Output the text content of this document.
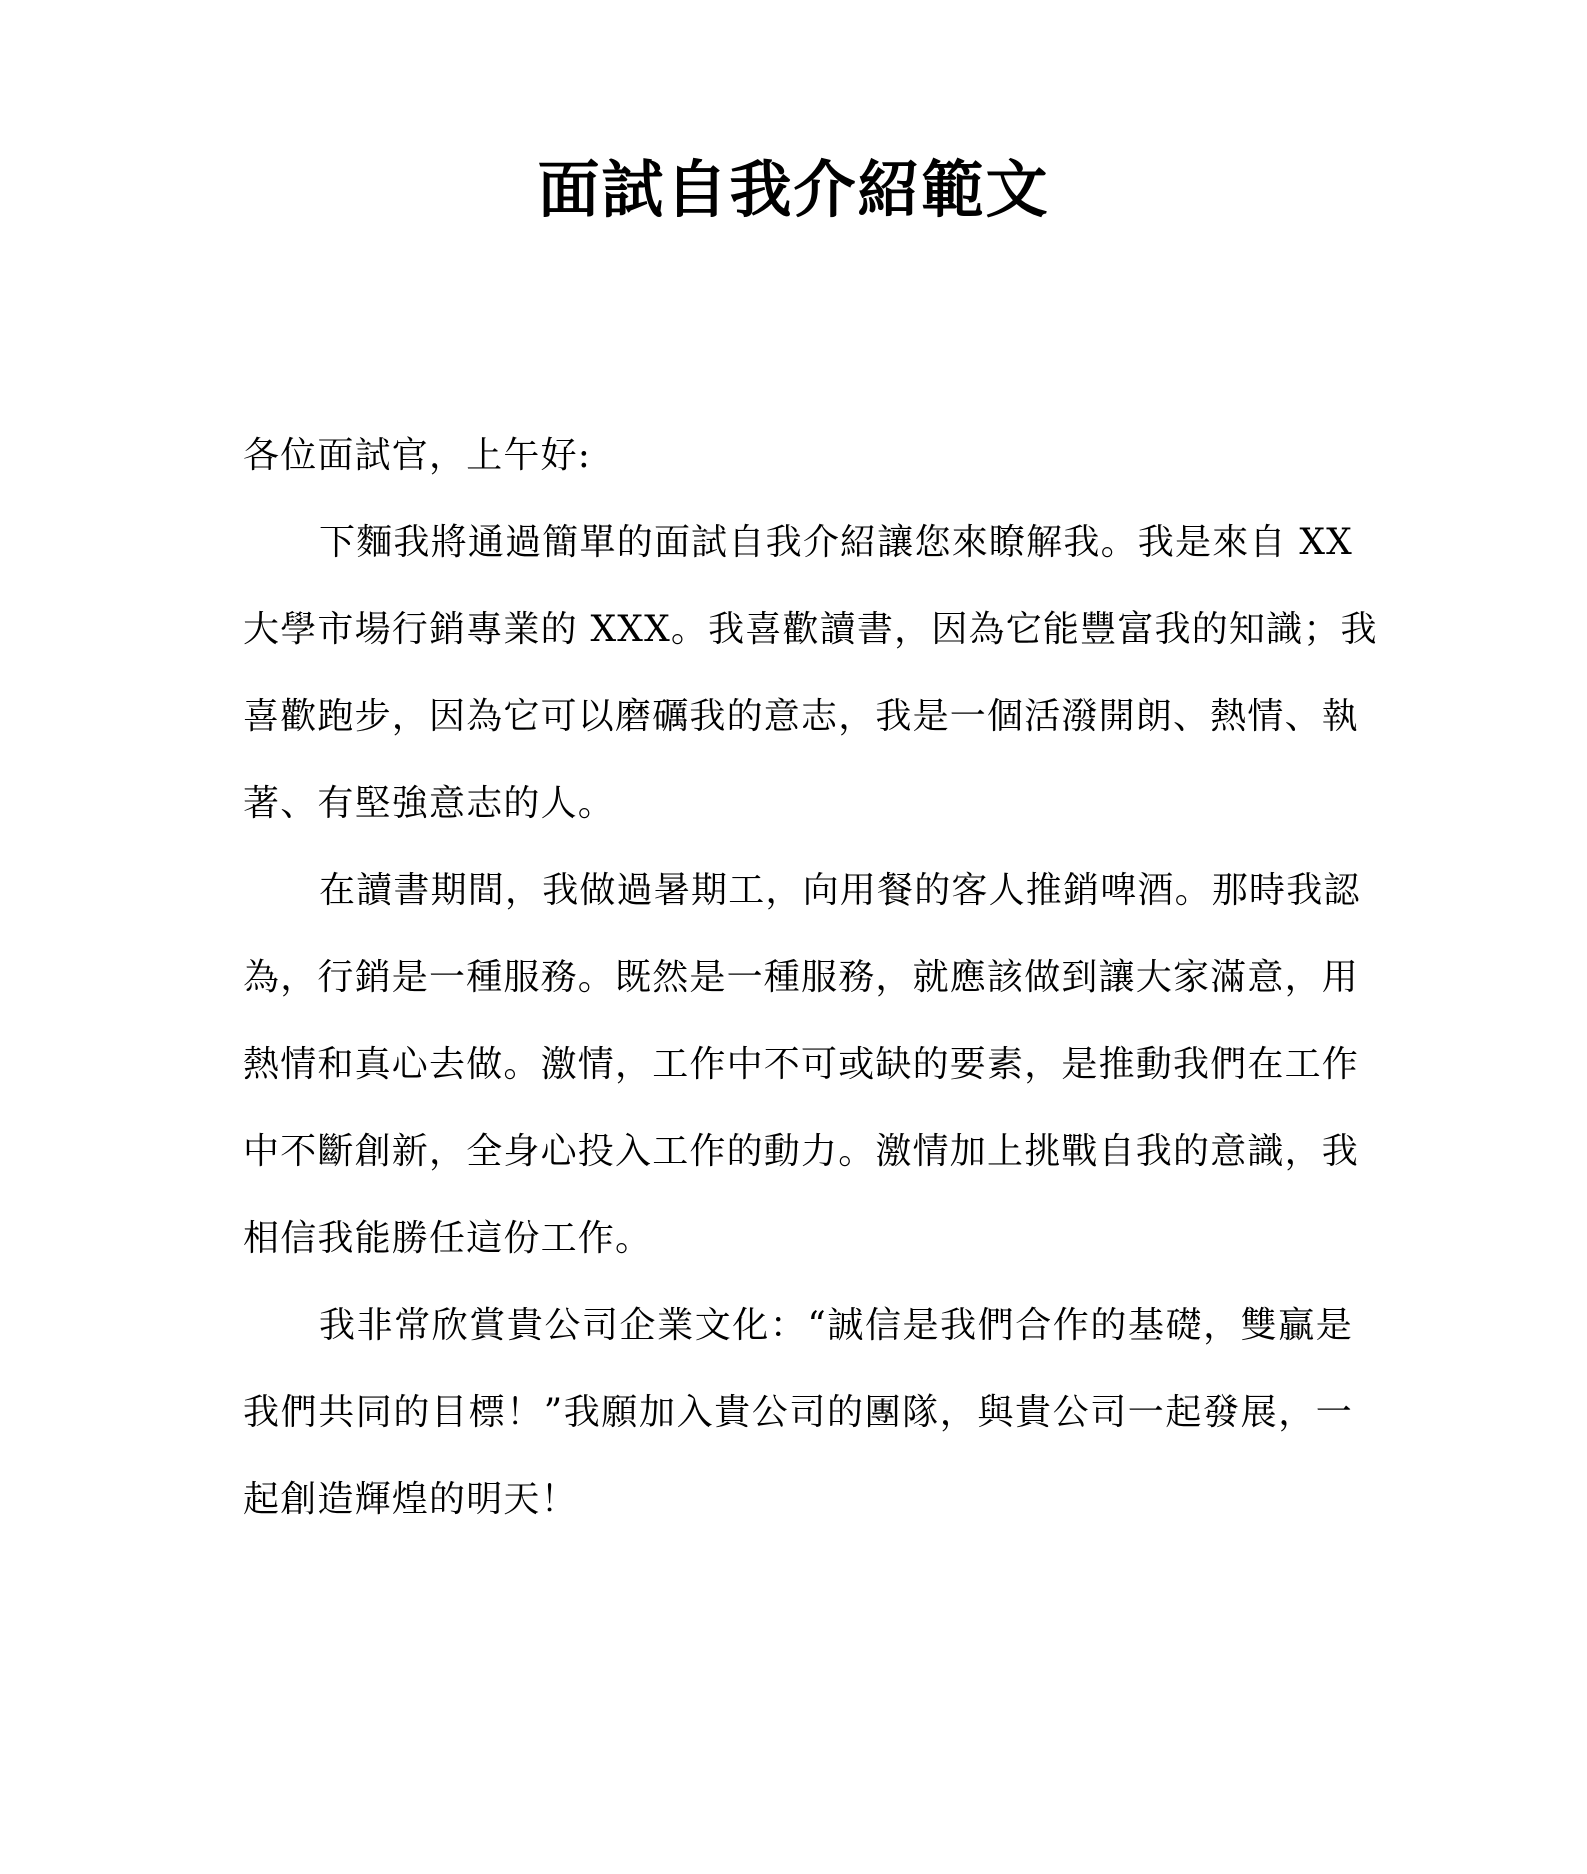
面試自我介紹範文
各位面試官，上午好:
下麵我將通過簡單的面試自我介紹讓您來瞭解我。我是來自 XX
大學市場行銷專業的 XXX。我喜歡讀書，因為它能豐富我的知識；我
喜歡跑步，因為它可以磨礪我的意志，我是一個活潑開朗、熱情、執
著、有堅強意志的人。
在讀書期間，我做過暑期工，向用餐的客人推銷啤酒。那時我認
為，行銷是一種服務。既然是一種服務，就應該做到讓大家滿意，用
熱情和真心去做。激情，工作中不可或缺的要素，是推動我們在工作
中不斷創新，全身心投入工作的動力。激情加上挑戰自我的意識，我
相信我能勝任這份工作。
我非常欣賞貴公司企業文化：“誠信是我們合作的基礎，雙贏是
我們共同的目標！”我願加入貴公司的團隊，與貴公司一起發展，一
起創造輝煌的明天！
